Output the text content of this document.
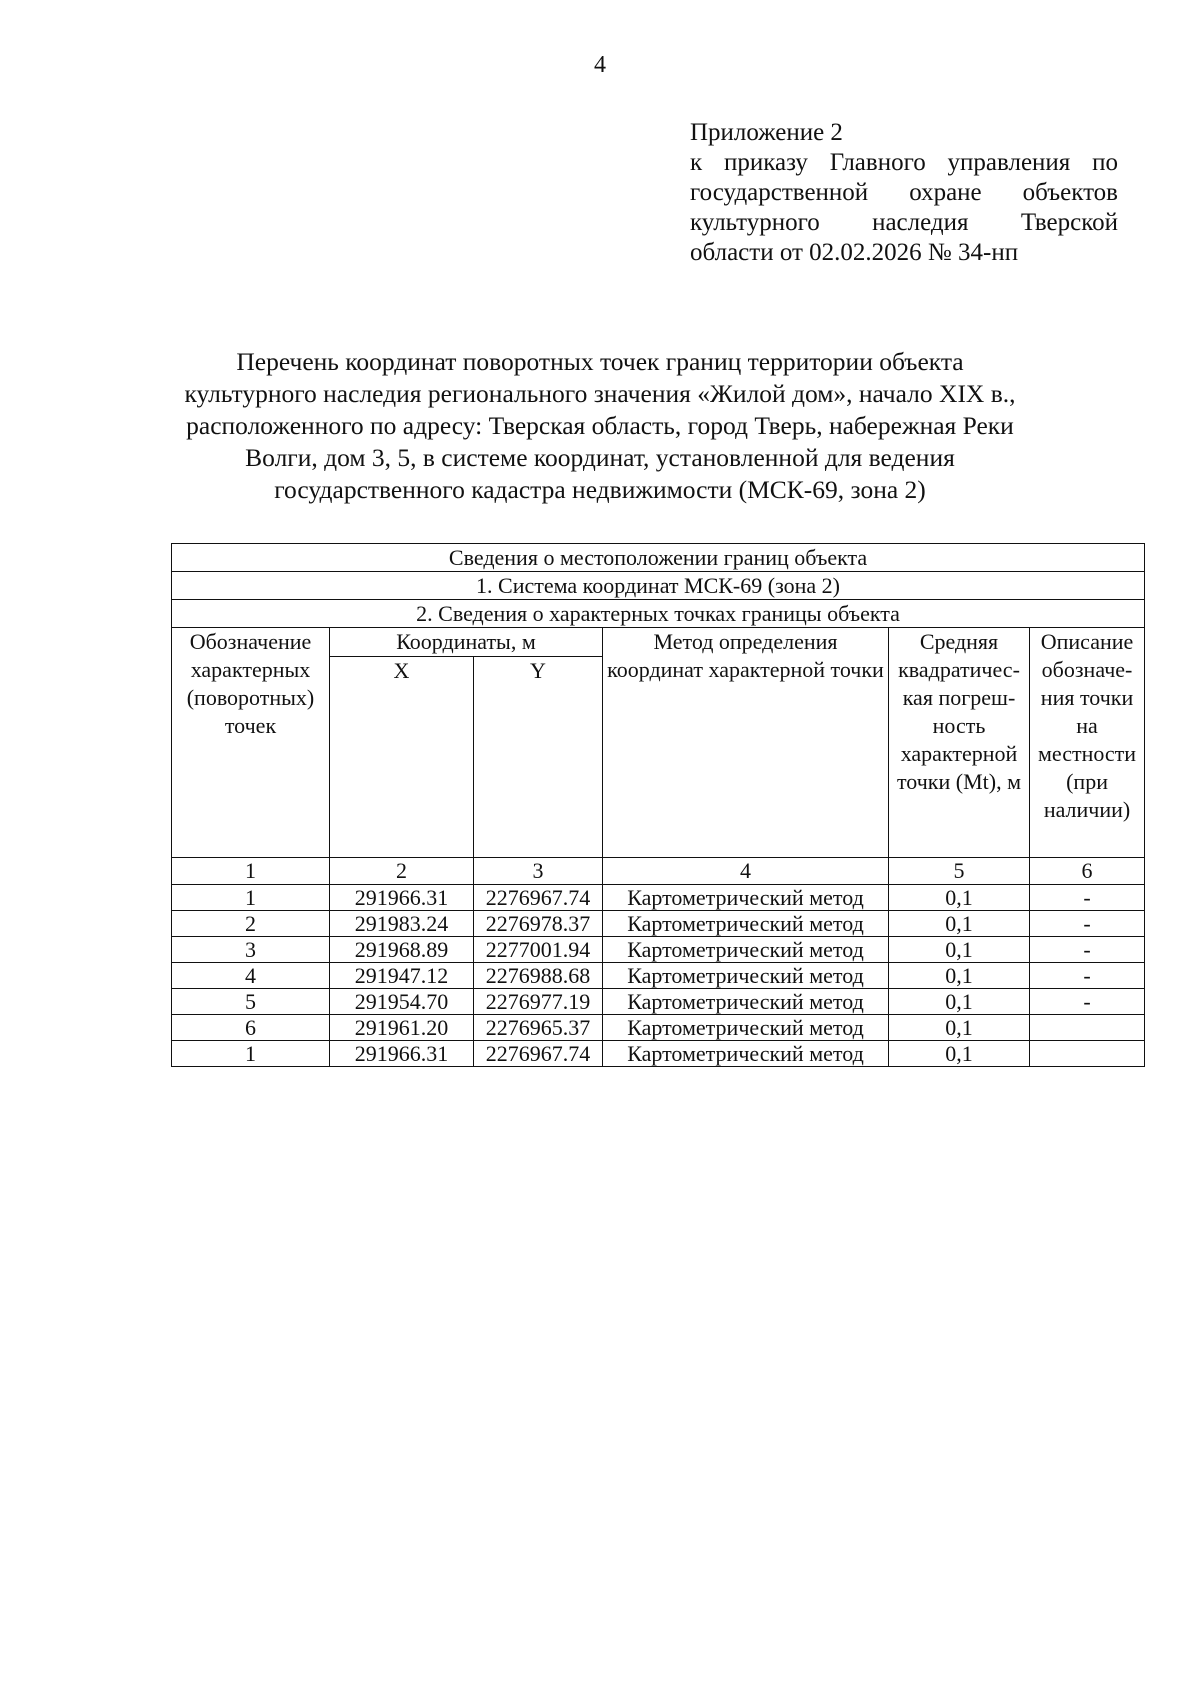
4
Приложение 2
к приказу Главного управления по
государственной охране объектов
культурного наследия Тверской
области от 02.02.2026 № 34-нп
Перечень координат поворотных точек границ территории объекта
культурного наследия регионального значения «Жилой дом», начало XIX в.,
расположенного по адресу: Тверская область, город Тверь, набережная Реки
Волги, дом 3, 5, в системе координат, установленной для ведения
государственного кадастра недвижимости (МСК-69, зона 2)
Сведения о местоположении границ объекта					
1. Система координат МСК-69 (зона 2)					
2. Сведения о характерных точках границы объекта					
Обозначение характерных (поворотных) точек	Координаты, м		Метод определения координат характерной точки	Средняя квадратичес-кая погреш-ность характерной точки (Mt), м	Описание обозначе-ния точки на местности (при наличии)
	X	Y			
1	2	3	4	5	6
1	291966.31	2276967.74	Картометрический метод	0,1	-
2	291983.24	2276978.37	Картометрический метод	0,1	-
3	291968.89	2277001.94	Картометрический метод	0,1	-
4	291947.12	2276988.68	Картометрический метод	0,1	-
5	291954.70	2276977.19	Картометрический метод	0,1	-
6	291961.20	2276965.37	Картометрический метод	0,1	
1	291966.31	2276967.74	Картометрический метод	0,1	
